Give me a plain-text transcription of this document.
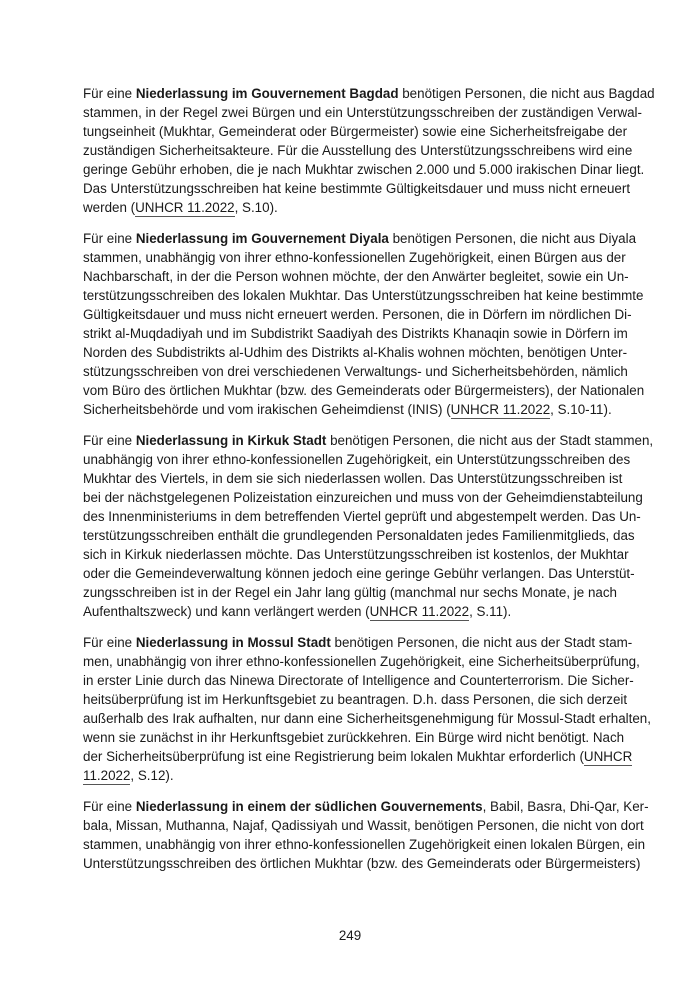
Für eine Niederlassung im Gouvernement Bagdad benötigen Personen, die nicht aus Bagdad
stammen, in der Regel zwei Bürgen und ein Unterstützungsschreiben der zuständigen Verwal-
tungseinheit (Mukhtar, Gemeinderat oder Bürgermeister) sowie eine Sicherheitsfreigabe der
zuständigen Sicherheitsakteure. Für die Ausstellung des Unterstützungsschreibens wird eine
geringe Gebühr erhoben, die je nach Mukhtar zwischen 2.000 und 5.000 irakischen Dinar liegt.
Das Unterstützungsschreiben hat keine bestimmte Gültigkeitsdauer und muss nicht erneuert
werden (UNHCR 11.2022, S.10).
Für eine Niederlassung im Gouvernement Diyala benötigen Personen, die nicht aus Diyala
stammen, unabhängig von ihrer ethno-konfessionellen Zugehörigkeit, einen Bürgen aus der
Nachbarschaft, in der die Person wohnen möchte, der den Anwärter begleitet, sowie ein Un-
terstützungsschreiben des lokalen Mukhtar. Das Unterstützungsschreiben hat keine bestimmte
Gültigkeitsdauer und muss nicht erneuert werden. Personen, die in Dörfern im nördlichen Di-
strikt al-Muqdadiyah und im Subdistrikt Saadiyah des Distrikts Khanaqin sowie in Dörfern im
Norden des Subdistrikts al-Udhim des Distrikts al-Khalis wohnen möchten, benötigen Unter-
stützungsschreiben von drei verschiedenen Verwaltungs- und Sicherheitsbehörden, nämlich
vom Büro des örtlichen Mukhtar (bzw. des Gemeinderats oder Bürgermeisters), der Nationalen
Sicherheitsbehörde und vom irakischen Geheimdienst (INIS) (UNHCR 11.2022, S.10-11).
Für eine Niederlassung in Kirkuk Stadt benötigen Personen, die nicht aus der Stadt stammen,
unabhängig von ihrer ethno-konfessionellen Zugehörigkeit, ein Unterstützungsschreiben des
Mukhtar des Viertels, in dem sie sich niederlassen wollen. Das Unterstützungsschreiben ist
bei der nächstgelegenen Polizeistation einzureichen und muss von der Geheimdienstabteilung
des Innenministeriums in dem betreffenden Viertel geprüft und abgestempelt werden. Das Un-
terstützungsschreiben enthält die grundlegenden Personaldaten jedes Familienmitglieds, das
sich in Kirkuk niederlassen möchte. Das Unterstützungsschreiben ist kostenlos, der Mukhtar
oder die Gemeindeverwaltung können jedoch eine geringe Gebühr verlangen. Das Unterstüt-
zungsschreiben ist in der Regel ein Jahr lang gültig (manchmal nur sechs Monate, je nach
Aufenthaltszweck) und kann verlängert werden (UNHCR 11.2022, S.11).
Für eine Niederlassung in Mossul Stadt benötigen Personen, die nicht aus der Stadt stam-
men, unabhängig von ihrer ethno-konfessionellen Zugehörigkeit, eine Sicherheitsüberprüfung,
in erster Linie durch das Ninewa Directorate of Intelligence and Counterterrorism. Die Sicher-
heitsüberprüfung ist im Herkunftsgebiet zu beantragen. D.h. dass Personen, die sich derzeit
außerhalb des Irak aufhalten, nur dann eine Sicherheitsgenehmigung für Mossul-Stadt erhalten,
wenn sie zunächst in ihr Herkunftsgebiet zurückkehren. Ein Bürge wird nicht benötigt. Nach
der Sicherheitsüberprüfung ist eine Registrierung beim lokalen Mukhtar erforderlich (UNHCR
11.2022, S.12).
Für eine Niederlassung in einem der südlichen Gouvernements, Babil, Basra, Dhi-Qar, Ker-
bala, Missan, Muthanna, Najaf, Qadissiyah und Wassit, benötigen Personen, die nicht von dort
stammen, unabhängig von ihrer ethno-konfessionellen Zugehörigkeit einen lokalen Bürgen, ein
Unterstützungsschreiben des örtlichen Mukhtar (bzw. des Gemeinderats oder Bürgermeisters)
249
